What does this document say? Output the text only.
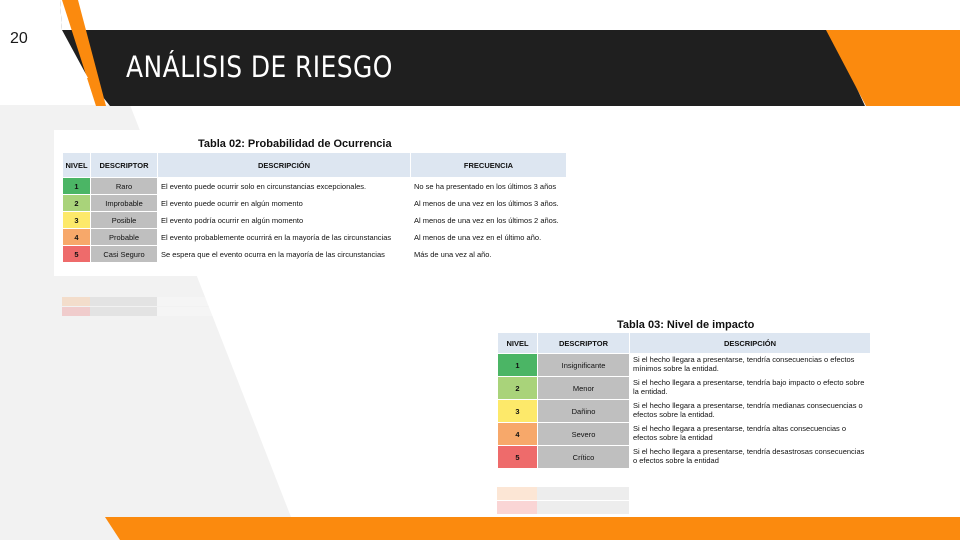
20
ANÁLISIS DE RIESGO
Tabla 02: Probabilidad de Ocurrencia
NIVEL	DESCRIPTOR	DESCRIPCIÓN	FRECUENCIA
1	Raro	El evento puede ocurrir solo en circunstancias excepcionales.	No se ha presentado en los últimos 3 años
2	Improbable	El evento puede ocurrir en algún momento	Al menos de una vez en los últimos 3 años.
3	Posible	El evento podría ocurrir en algún momento	Al menos de una vez en los últimos 2 años.
4	Probable	El evento probablemente ocurrirá en la mayoría de las circunstancias	Al menos de una vez en el último año.
5	Casi Seguro	Se espera que el evento ocurra en la mayoría de las circunstancias	Más de una vez al año.
Tabla 03: Nivel de impacto
NIVEL	DESCRIPTOR	DESCRIPCIÓN
1	Insignificante	Si el hecho llegara a presentarse, tendría consecuencias o efectos mínimos sobre la entidad.
2	Menor	Si el hecho llegara a presentarse, tendría bajo impacto o efecto sobre la entidad.
3	Dañino	Si el hecho llegara a presentarse, tendría medianas consecuencias o efectos sobre la entidad.
4	Severo	Si el hecho llegara a presentarse, tendría altas consecuencias o efectos sobre la entidad
5	Crítico	Si el hecho llegara a presentarse, tendría desastrosas consecuencias o efectos sobre la entidad
